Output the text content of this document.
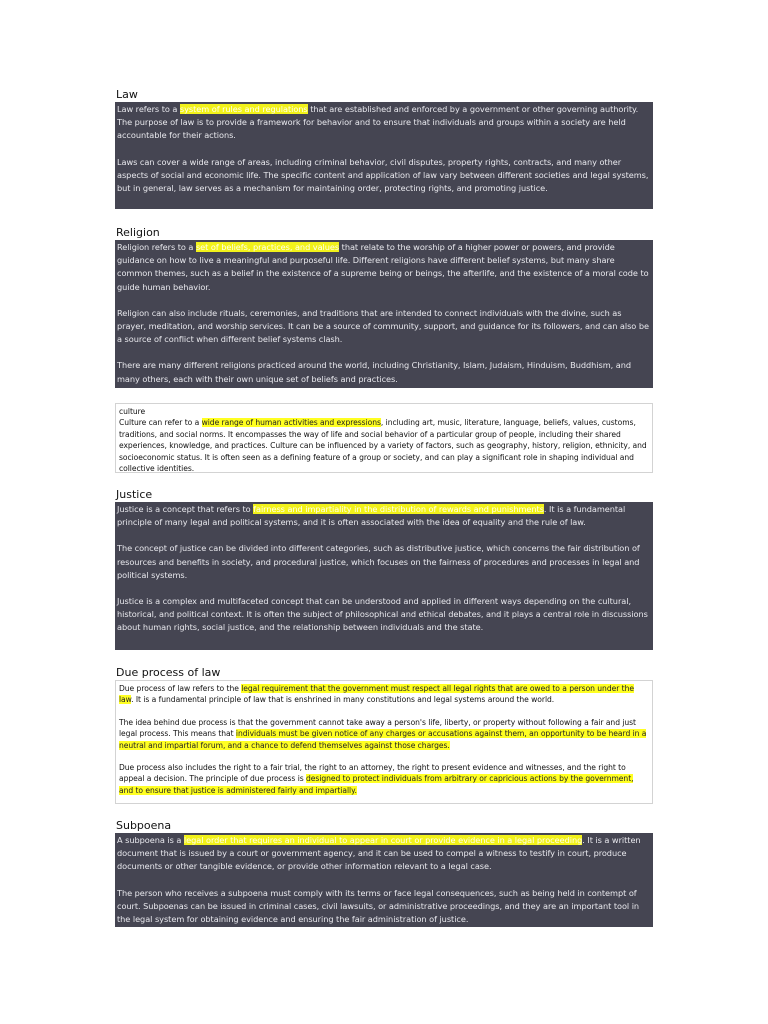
Law

Law refers to a system of rules and regulations that are established and enforced by a government or other governing authority. The purpose of law is to provide a framework for behavior and to ensure that individuals and groups within a society are held accountable for their actions.

Laws can cover a wide range of areas, including criminal behavior, civil disputes, property rights, contracts, and many other aspects of social and economic life. The specific content and application of law vary between different societies and legal systems, but in general, law serves as a mechanism for maintaining order, protecting rights, and promoting justice.

Religion

Religion refers to a set of beliefs, practices, and values that relate to the worship of a higher power or powers, and provide guidance on how to live a meaningful and purposeful life. Different religions have different belief systems, but many share common themes, such as a belief in the existence of a supreme being or beings, the afterlife, and the existence of a moral code to guide human behavior.

Religion can also include rituals, ceremonies, and traditions that are intended to connect individuals with the divine, such as prayer, meditation, and worship services. It can be a source of community, support, and guidance for its followers, and can also be a source of conflict when different belief systems clash.

There are many different religions practiced around the world, including Christianity, Islam, Judaism, Hinduism, Buddhism, and many others, each with their own unique set of beliefs and practices.

culture

Culture can refer to a wide range of human activities and expressions, including art, music, literature, language, beliefs, values, customs, traditions, and social norms. It encompasses the way of life and social behavior of a particular group of people, including their shared experiences, knowledge, and practices. Culture can be influenced by a variety of factors, such as geography, history, religion, ethnicity, and socioeconomic status. It is often seen as a defining feature of a group or society, and can play a significant role in shaping individual and collective identities.

Justice

Justice is a concept that refers to fairness and impartiality in the distribution of rewards and punishments. It is a fundamental principle of many legal and political systems, and it is often associated with the idea of equality and the rule of law.

The concept of justice can be divided into different categories, such as distributive justice, which concerns the fair distribution of resources and benefits in society, and procedural justice, which focuses on the fairness of procedures and processes in legal and political systems.

Justice is a complex and multifaceted concept that can be understood and applied in different ways depending on the cultural, historical, and political context. It is often the subject of philosophical and ethical debates, and it plays a central role in discussions about human rights, social justice, and the relationship between individuals and the state.

Due process of law

Due process of law refers to the legal requirement that the government must respect all legal rights that are owed to a person under the law. It is a fundamental principle of law that is enshrined in many constitutions and legal systems around the world.

The idea behind due process is that the government cannot take away a person's life, liberty, or property without following a fair and just legal process. This means that individuals must be given notice of any charges or accusations against them, an opportunity to be heard in a neutral and impartial forum, and a chance to defend themselves against those charges.

Due process also includes the right to a fair trial, the right to an attorney, the right to present evidence and witnesses, and the right to appeal a decision. The principle of due process is designed to protect individuals from arbitrary or capricious actions by the government, and to ensure that justice is administered fairly and impartially.

Subpoena

A subpoena is a legal order that requires an individual to appear in court or provide evidence in a legal proceeding. It is a written document that is issued by a court or government agency, and it can be used to compel a witness to testify in court, produce documents or other tangible evidence, or provide other information relevant to a legal case.

The person who receives a subpoena must comply with its terms or face legal consequences, such as being held in contempt of court. Subpoenas can be issued in criminal cases, civil lawsuits, or administrative proceedings, and they are an important tool in the legal system for obtaining evidence and ensuring the fair administration of justice.
